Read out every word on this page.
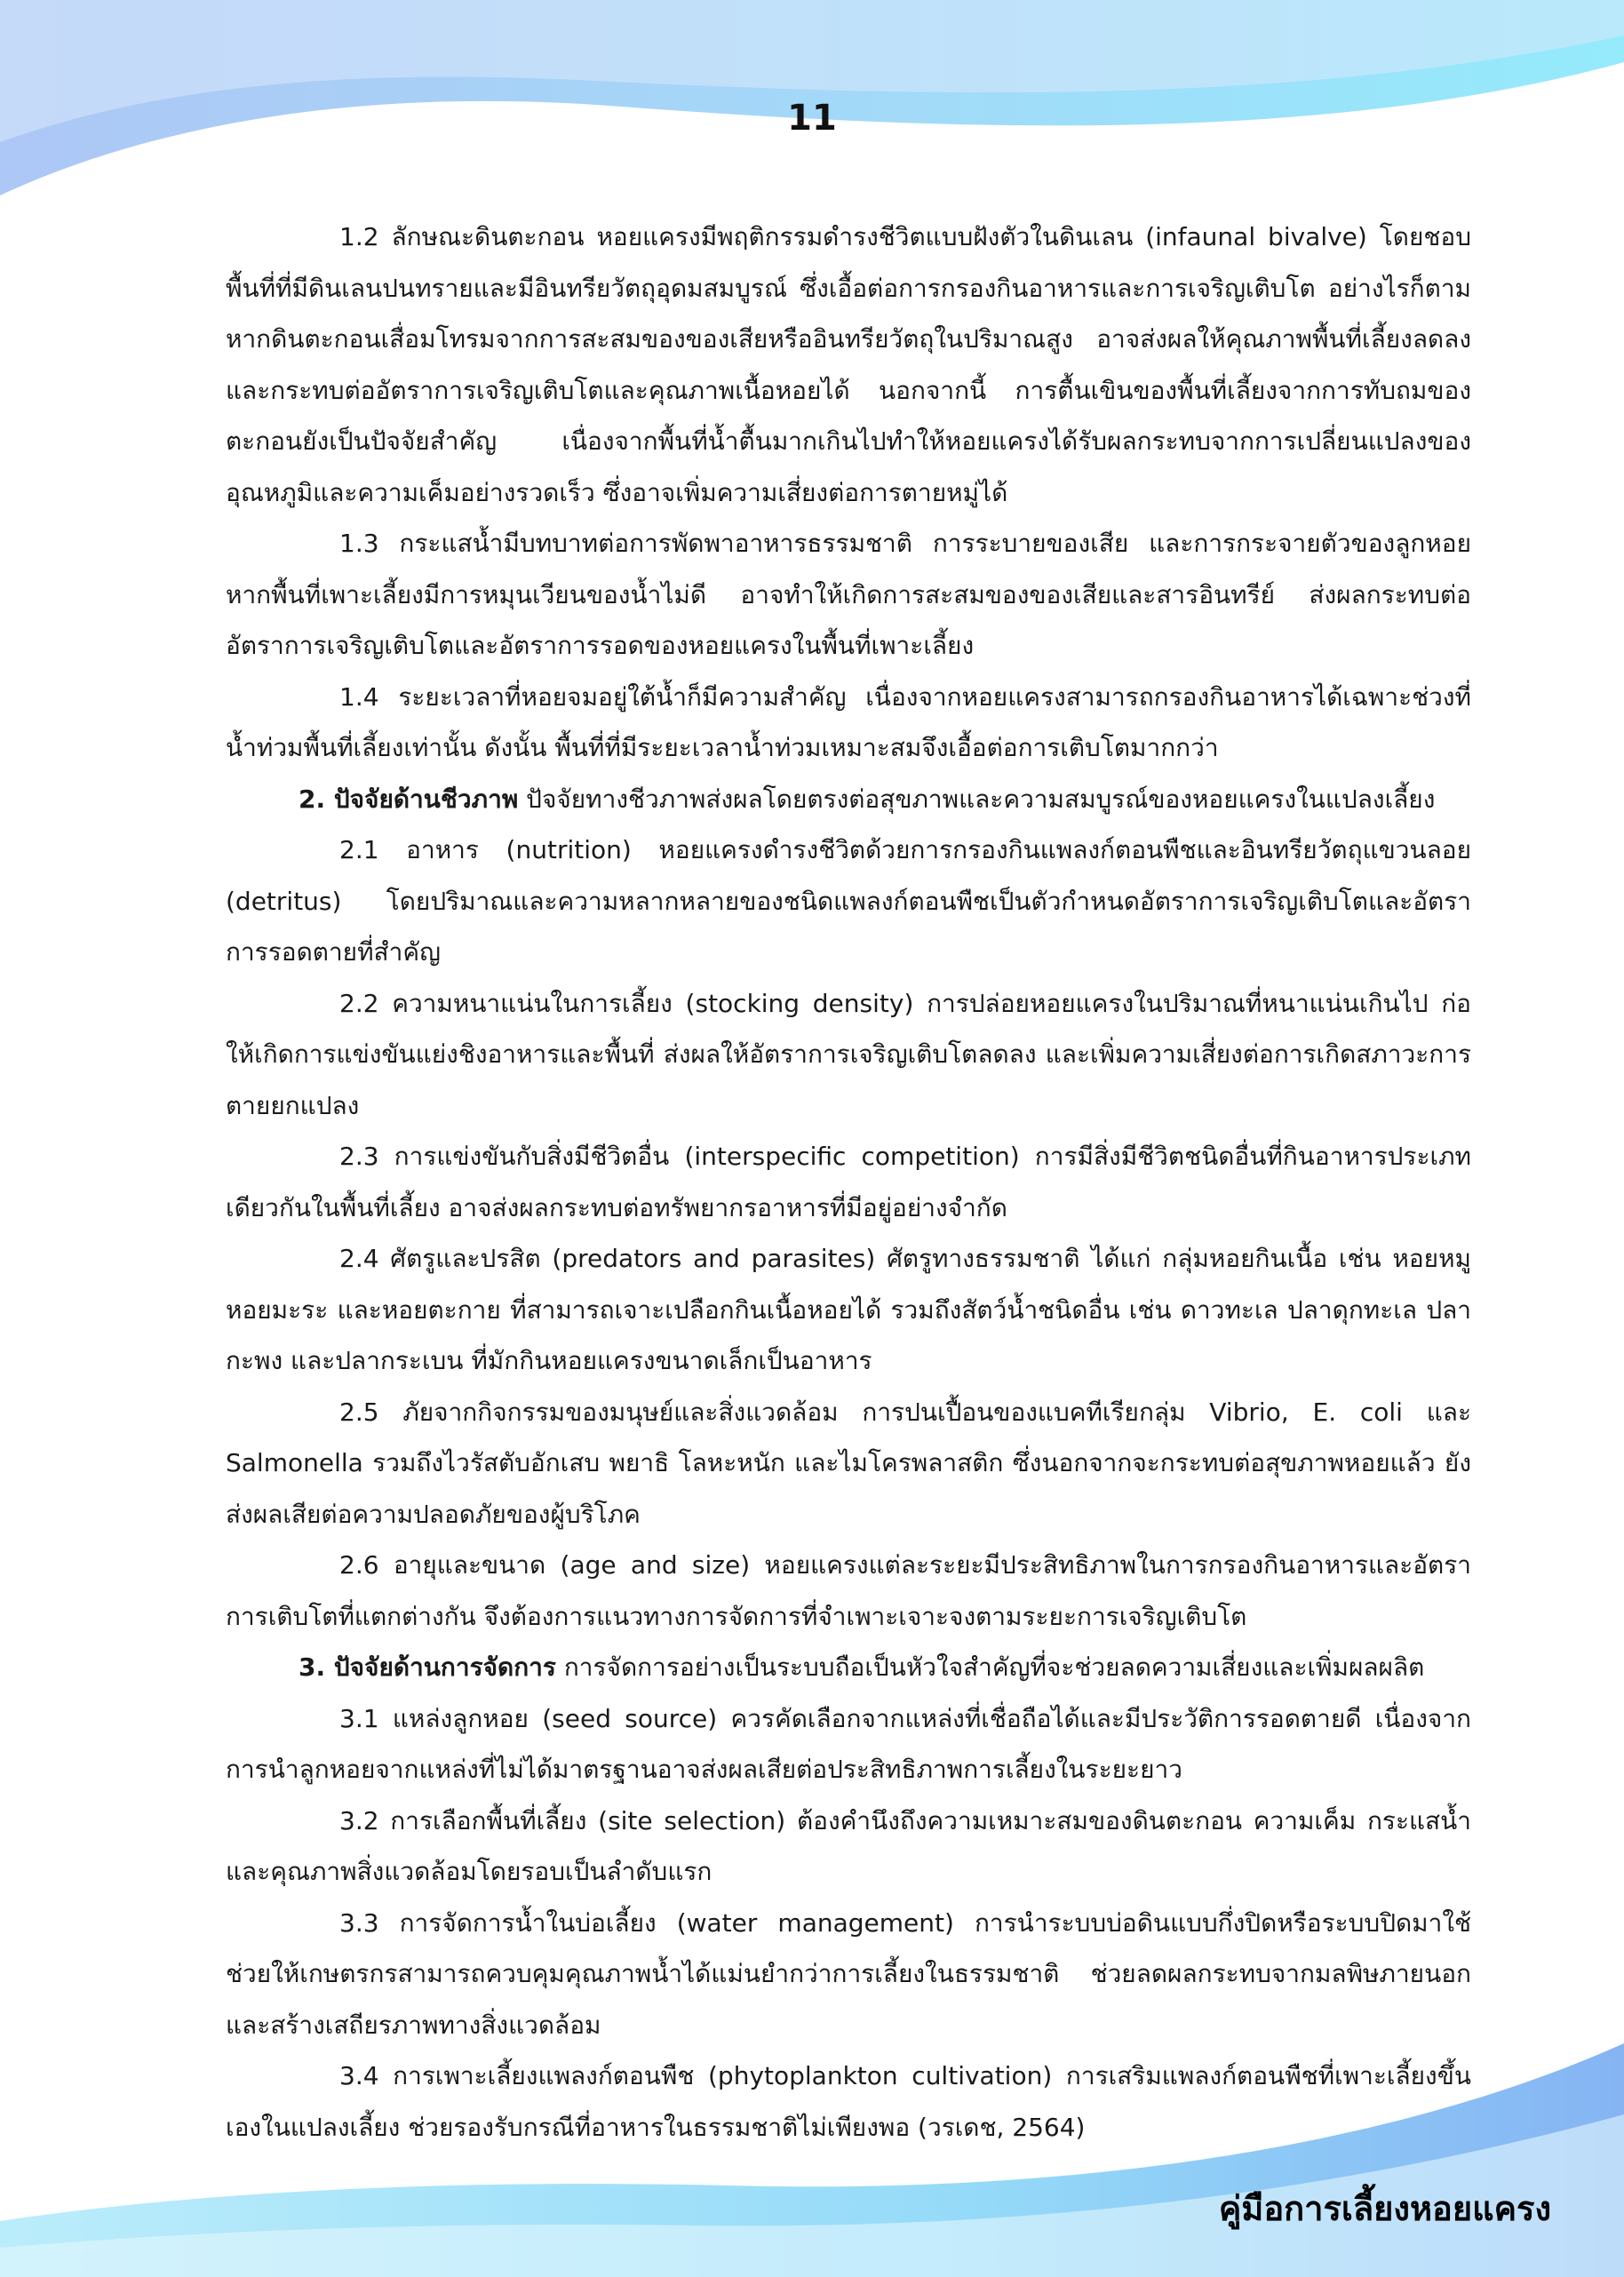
11

1.2 ลักษณะดินตะกอน หอยแครงมีพฤติกรรมดำรงชีวิตแบบฝังตัวในดินเลน (infaunal bivalve) โดยชอบพื้นที่ที่มีดินเลนปนทรายและมีอินทรียวัตถุอุดมสมบูรณ์ ซึ่งเอื้อต่อการกรองกินอาหารและการเจริญเติบโต อย่างไรก็ตาม หากดินตะกอนเสื่อมโทรมจากการสะสมของของเสียหรืออินทรียวัตถุในปริมาณสูง อาจส่งผลให้คุณภาพพื้นที่เลี้ยงลดลง และกระทบต่ออัตราการเจริญเติบโตและคุณภาพเนื้อหอยได้ นอกจากนี้ การตื้นเขินของพื้นที่เลี้ยงจากการทับถมของตะกอนยังเป็นปัจจัยสำคัญ เนื่องจากพื้นที่น้ำตื้นมากเกินไปทำให้หอยแครงได้รับผลกระทบจากการเปลี่ยนแปลงของอุณหภูมิและความเค็มอย่างรวดเร็ว ซึ่งอาจเพิ่มความเสี่ยงต่อการตายหมู่ได้

1.3 กระแสน้ำมีบทบาทต่อการพัดพาอาหารธรรมชาติ การระบายของเสีย และการกระจายตัวของลูกหอย หากพื้นที่เพาะเลี้ยงมีการหมุนเวียนของน้ำไม่ดี อาจทำให้เกิดการสะสมของของเสียและสารอินทรีย์ ส่งผลกระทบต่ออัตราการเจริญเติบโตและอัตราการรอดของหอยแครงในพื้นที่เพาะเลี้ยง

1.4 ระยะเวลาที่หอยจมอยู่ใต้น้ำก็มีความสำคัญ เนื่องจากหอยแครงสามารถกรองกินอาหารได้เฉพาะช่วงที่น้ำท่วมพื้นที่เลี้ยงเท่านั้น ดังนั้น พื้นที่ที่มีระยะเวลาน้ำท่วมเหมาะสมจึงเอื้อต่อการเติบโตมากกว่า

2. ปัจจัยด้านชีวภาพ ปัจจัยทางชีวภาพส่งผลโดยตรงต่อสุขภาพและความสมบูรณ์ของหอยแครงในแปลงเลี้ยง

2.1 อาหาร (nutrition) หอยแครงดำรงชีวิตด้วยการกรองกินแพลงก์ตอนพืชและอินทรียวัตถุแขวนลอย (detritus) โดยปริมาณและความหลากหลายของชนิดแพลงก์ตอนพืชเป็นตัวกำหนดอัตราการเจริญเติบโตและอัตราการรอดตายที่สำคัญ

2.2 ความหนาแน่นในการเลี้ยง (stocking density) การปล่อยหอยแครงในปริมาณที่หนาแน่นเกินไป ก่อให้เกิดการแข่งขันแย่งชิงอาหารและพื้นที่ ส่งผลให้อัตราการเจริญเติบโตลดลง และเพิ่มความเสี่ยงต่อการเกิดสภาวะการตายยกแปลง

2.3 การแข่งขันกับสิ่งมีชีวิตอื่น (interspecific competition) การมีสิ่งมีชีวิตชนิดอื่นที่กินอาหารประเภทเดียวกันในพื้นที่เลี้ยง อาจส่งผลกระทบต่อทรัพยากรอาหารที่มีอยู่อย่างจำกัด

2.4 ศัตรูและปรสิต (predators and parasites) ศัตรูทางธรรมชาติ ได้แก่ กลุ่มหอยกินเนื้อ เช่น หอยหมู หอยมะระ และหอยตะกาย ที่สามารถเจาะเปลือกกินเนื้อหอยได้ รวมถึงสัตว์น้ำชนิดอื่น เช่น ดาวทะเล ปลาดุกทะเล ปลากะพง และปลากระเบน ที่มักกินหอยแครงขนาดเล็กเป็นอาหาร

2.5 ภัยจากกิจกรรมของมนุษย์และสิ่งแวดล้อม การปนเปื้อนของแบคทีเรียกลุ่ม Vibrio, E. coli และ Salmonella รวมถึงไวรัสตับอักเสบ พยาธิ โลหะหนัก และไมโครพลาสติก ซึ่งนอกจากจะกระทบต่อสุขภาพหอยแล้ว ยังส่งผลเสียต่อความปลอดภัยของผู้บริโภค

2.6 อายุและขนาด (age and size) หอยแครงแต่ละระยะมีประสิทธิภาพในการกรองกินอาหารและอัตราการเติบโตที่แตกต่างกัน จึงต้องการแนวทางการจัดการที่จำเพาะเจาะจงตามระยะการเจริญเติบโต

3. ปัจจัยด้านการจัดการ การจัดการอย่างเป็นระบบถือเป็นหัวใจสำคัญที่จะช่วยลดความเสี่ยงและเพิ่มผลผลิต

3.1 แหล่งลูกหอย (seed source) ควรคัดเลือกจากแหล่งที่เชื่อถือได้และมีประวัติการรอดตายดี เนื่องจากการนำลูกหอยจากแหล่งที่ไม่ได้มาตรฐานอาจส่งผลเสียต่อประสิทธิภาพการเลี้ยงในระยะยาว

3.2 การเลือกพื้นที่เลี้ยง (site selection) ต้องคำนึงถึงความเหมาะสมของดินตะกอน ความเค็ม กระแสน้ำ และคุณภาพสิ่งแวดล้อมโดยรอบเป็นลำดับแรก

3.3 การจัดการน้ำในบ่อเลี้ยง (water management) การนำระบบบ่อดินแบบกึ่งปิดหรือระบบปิดมาใช้ ช่วยให้เกษตรกรสามารถควบคุมคุณภาพน้ำได้แม่นยำกว่าการเลี้ยงในธรรมชาติ ช่วยลดผลกระทบจากมลพิษภายนอกและสร้างเสถียรภาพทางสิ่งแวดล้อม

3.4 การเพาะเลี้ยงแพลงก์ตอนพืช (phytoplankton cultivation) การเสริมแพลงก์ตอนพืชที่เพาะเลี้ยงขึ้นเองในแปลงเลี้ยง ช่วยรองรับกรณีที่อาหารในธรรมชาติไม่เพียงพอ (วรเดช, 2564)

คู่มือการเลี้ยงหอยแครง
